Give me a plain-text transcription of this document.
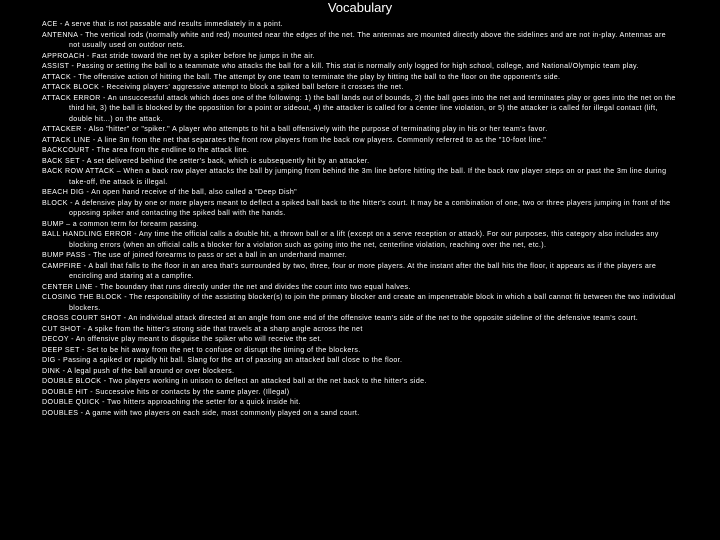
Vocabulary

ACE - A serve that is not passable and results immediately in a point.

ANTENNA - The vertical rods (normally white and red) mounted near the edges of the net. The antennas are mounted directly above the sidelines and are not in-play. Antennas are not usually used on outdoor nets.

APPROACH - Fast stride toward the net by a spiker before he jumps in the air.

ASSIST - Passing or setting the ball to a teammate who attacks the ball for a kill. This stat is normally only logged for high school, college, and National/Olympic team play.

ATTACK - The offensive action of hitting the ball. The attempt by one team to terminate the play by hitting the ball to the floor on the opponent's side.

ATTACK BLOCK - Receiving players' aggressive attempt to block a spiked ball before it crosses the net.

ATTACK ERROR - An unsuccessful attack which does one of the following: 1) the ball lands out of bounds, 2) the ball goes into the net and terminates play or goes into the net on the third hit, 3) the ball is blocked by the opposition for a point or sideout, 4) the attacker is called for a center line violation, or 5) the attacker is called for illegal contact (lift, double hit...) on the attack.

ATTACKER - Also "hitter" or "spiker." A player who attempts to hit a ball offensively with the purpose of terminating play in his or her team's favor.

ATTACK LINE - A line 3m from the net that separates the front row players from the back row players. Commonly referred to as the "10-foot line."

BACKCOURT - The area from the endline to the attack line.

BACK SET - A set delivered behind the setter's back, which is subsequently hit by an attacker.

BACK ROW ATTACK – When a back row player attacks the ball by jumping from behind the 3m line before hitting the ball. If the back row player steps on or past the 3m line during take-off, the attack is illegal.

BEACH DIG - An open hand receive of the ball, also called a "Deep Dish"

BLOCK - A defensive play by one or more players meant to deflect a spiked ball back to the hitter's court. It may be a combination of one, two or three players jumping in front of the opposing spiker and contacting the spiked ball with the hands.

BUMP – a common term for forearm passing.

BALL HANDLING ERROR - Any time the official calls a double hit, a thrown ball or a lift (except on a serve reception or attack). For our purposes, this category also includes any blocking errors (when an official calls a blocker for a violation such as going into the net, centerline violation, reaching over the net, etc.).

BUMP PASS - The use of joined forearms to pass or set a ball in an underhand manner.

CAMPFIRE - A ball that falls to the floor in an area that's surrounded by two, three, four or more players. At the instant after the ball hits the floor, it appears as if the players are encircling and staring at a campfire.

CENTER LINE - The boundary that runs directly under the net and divides the court into two equal halves.

CLOSING THE BLOCK - The responsibility of the assisting blocker(s) to join the primary blocker and create an impenetrable block in which a ball cannot fit between the two individual blockers.

CROSS COURT SHOT - An individual attack directed at an angle from one end of the offensive team's side of the net to the opposite sideline of the defensive team's court.

CUT SHOT - A spike from the hitter's strong side that travels at a sharp angle across the net

DECOY - An offensive play meant to disguise the spiker who will receive the set.

DEEP SET - Set to be hit away from the net to confuse or disrupt the timing of the blockers.

DIG - Passing a spiked or rapidly hit ball. Slang for the art of passing an attacked ball close to the floor.

DINK - A legal push of the ball around or over blockers.

DOUBLE BLOCK - Two players working in unison to deflect an attacked ball at the net back to the hitter's side.

DOUBLE HIT - Successive hits or contacts by the same player. (Illegal)

DOUBLE QUICK - Two hitters approaching the setter for a quick inside hit.

DOUBLES - A game with two players on each side, most commonly played on a sand court.
